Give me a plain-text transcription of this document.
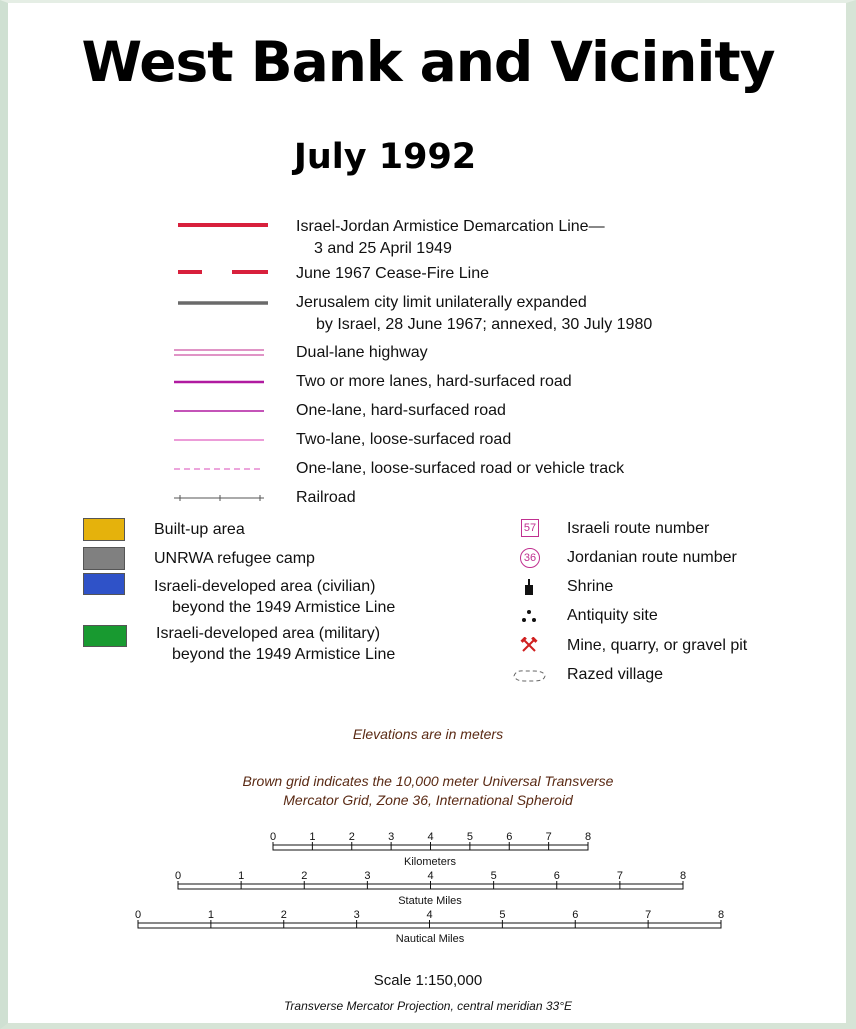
West Bank and Vicinity
July 1992
Israel-Jordan Armistice Demarcation Line—
3 and 25 April 1949
June 1967 Cease-Fire Line
Jerusalem city limit unilaterally expanded
by Israel, 28 June 1967; annexed, 30 July 1980
Dual-lane highway
Two or more lanes, hard-surfaced road
One-lane, hard-surfaced road
Two-lane, loose-surfaced road
One-lane, loose-surfaced road or vehicle track
Railroad
Built-up area
UNRWA refugee camp
Israeli-developed area (civilian)
beyond the 1949 Armistice Line
Israeli-developed area (military)
beyond the 1949 Armistice Line
57 Israeli route number
36 Jordanian route number
Shrine
Antiquity site
Mine, quarry, or gravel pit
Razed village
Elevations are in meters
Brown grid indicates the 10,000 meter Universal Transverse
Mercator Grid, Zone 36, International Spheroid
0	1	2	3	4	5	6	7	8
Kilometers
0	1	2	3	4	5	6	7	8
Statute Miles
0	1	2	3	4	5	6	7	8
Nautical Miles
Scale 1:150,000
Transverse Mercator Projection, central meridian 33°E
